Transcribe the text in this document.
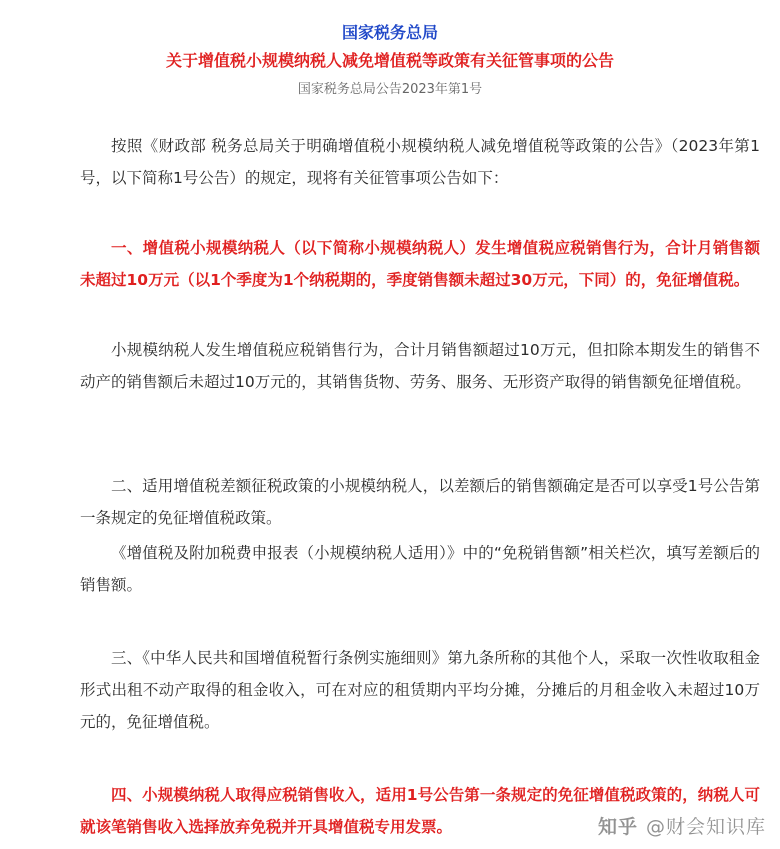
国家税务总局
关于增值税小规模纳税人减免增值税等政策有关征管事项的公告
国家税务总局公告2023年第1号

按照《财政部 税务总局关于明确增值税小规模纳税人减免增值税等政策的公告》（2023年第1号，以下简称1号公告）的规定，现将有关征管事项公告如下：

一、增值税小规模纳税人（以下简称小规模纳税人）发生增值税应税销售行为，合计月销售额未超过10万元（以1个季度为1个纳税期的，季度销售额未超过30万元，下同）的，免征增值税。

小规模纳税人发生增值税应税销售行为，合计月销售额超过10万元，但扣除本期发生的销售不动产的销售额后未超过10万元的，其销售货物、劳务、服务、无形资产取得的销售额免征增值税。

二、适用增值税差额征税政策的小规模纳税人，以差额后的销售额确定是否可以享受1号公告第一条规定的免征增值税政策。

《增值税及附加税费申报表（小规模纳税人适用）》中的“免税销售额”相关栏次，填写差额后的销售额。

三、《中华人民共和国增值税暂行条例实施细则》第九条所称的其他个人，采取一次性收取租金形式出租不动产取得的租金收入，可在对应的租赁期内平均分摊，分摊后的月租金收入未超过10万元的，免征增值税。

四、小规模纳税人取得应税销售收入，适用1号公告第一条规定的免征增值税政策的，纳税人可就该笔销售收入选择放弃免税并开具增值税专用发票。	知乎 @财会知识库
